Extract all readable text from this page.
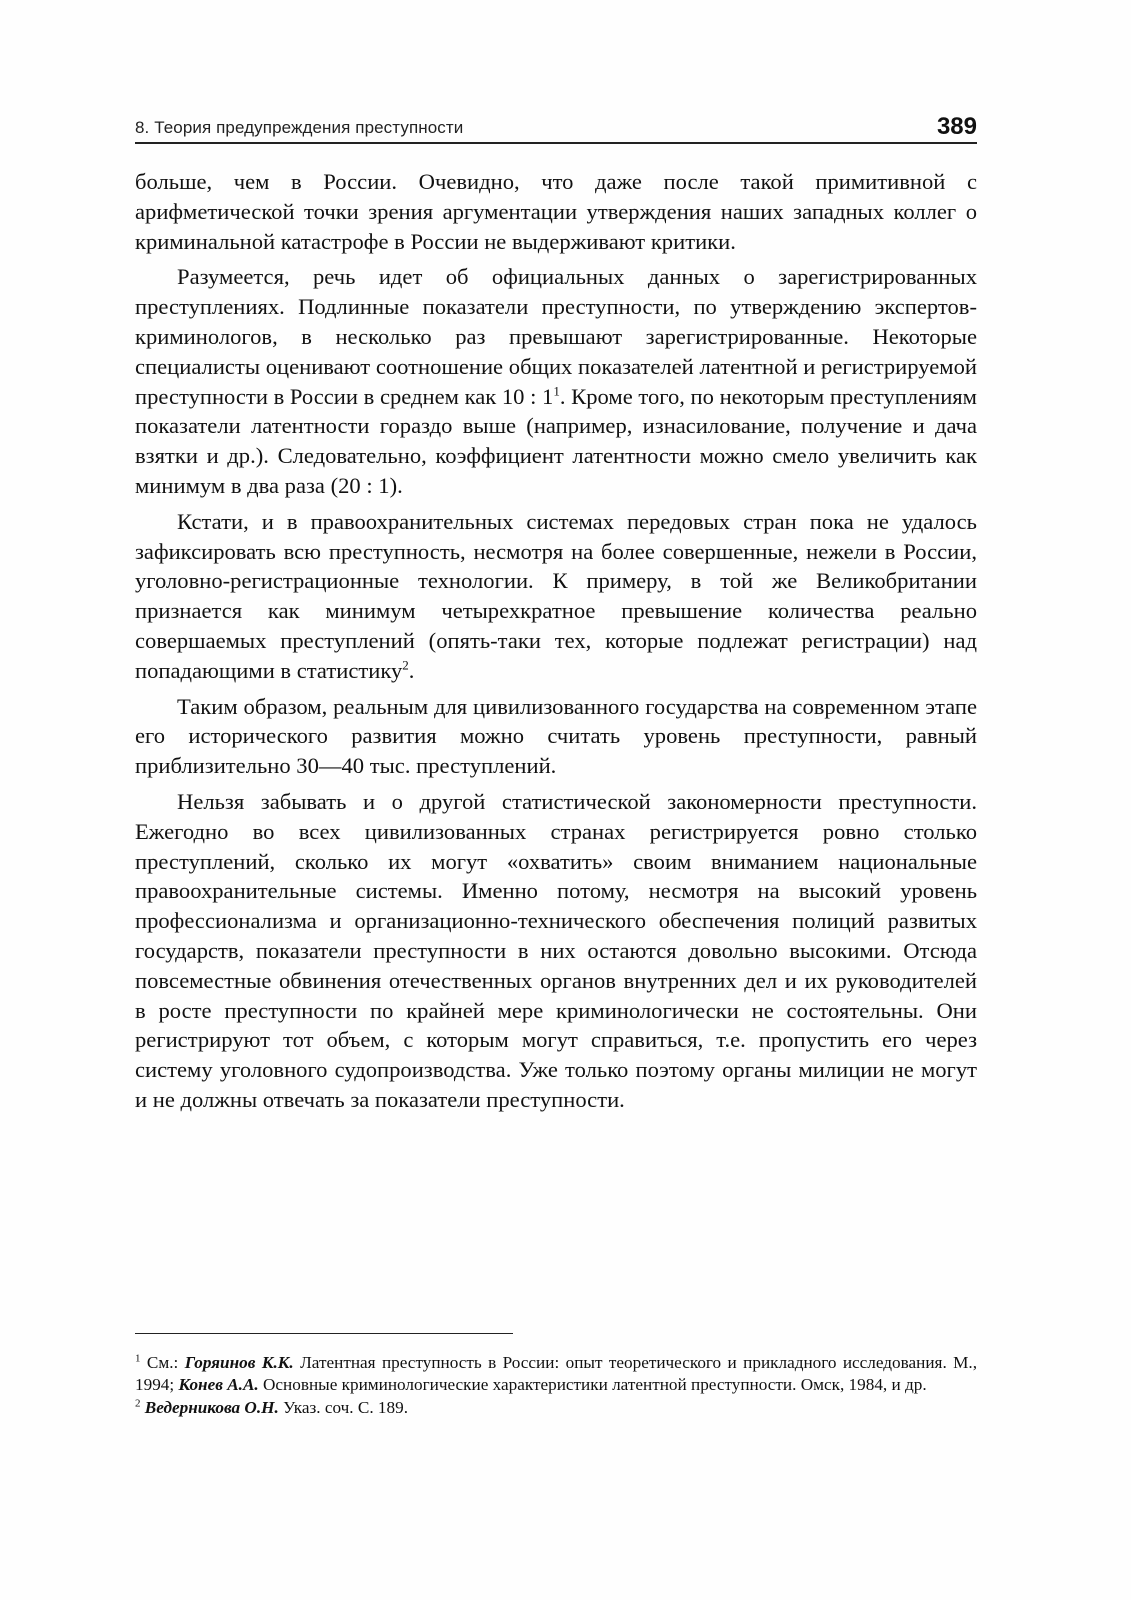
8. Теория предупреждения преступности	389

больше, чем в России. Очевидно, что даже после такой примитивной с арифметической точки зрения аргументации утверждения наших западных коллег о криминальной катастрофе в России не выдерживают критики.

Разумеется, речь идет об официальных данных о зарегистрированных преступлениях. Подлинные показатели преступности, по утверждению экспертов-криминологов, в несколько раз превышают зарегистрированные. Некоторые специалисты оценивают соотношение общих показателей латентной и регистрируемой преступности в России в среднем как 10 : $1^1$. Кроме того, по некоторым преступлениям показатели латентности гораздо выше (например, изнасилование, получение и дача взятки и др.). Следовательно, коэффициент латентности можно смело увеличить как минимум в два раза (20 : 1).

Кстати, и в правоохранительных системах передовых стран пока не удалось зафиксировать всю преступность, несмотря на более совершенные, нежели в России, уголовно-регистрационные технологии. К примеру, в той же Великобритании признается как минимум четырехкратное превышение количества реально совершаемых преступлений (опять-таки тех, которые подлежат регистрации) над попадающими в статистику$^2$.

Таким образом, реальным для цивилизованного государства на современном этапе его исторического развития можно считать уровень преступности, равный приблизительно 30—40 тыс. преступлений.

Нельзя забывать и о другой статистической закономерности преступности. Ежегодно во всех цивилизованных странах регистрируется ровно столько преступлений, сколько их могут «охватить» своим вниманием национальные правоохранительные системы. Именно потому, несмотря на высокий уровень профессионализма и организационно-технического обеспечения полиций развитых государств, показатели преступности в них остаются довольно высокими. Отсюда повсеместные обвинения отечественных органов внутренних дел и их руководителей в росте преступности по крайней мере криминологически не состоятельны. Они регистрируют тот объем, с которым могут справиться, т.е. пропустить его через систему уголовного судопроизводства. Уже только поэтому органы милиции не могут и не должны отвечать за показатели преступности.

$^1$ См.: Горяинов К.К. Латентная преступность в России: опыт теоретического и прикладного исследования. М., 1994; Конев А.А. Основные криминологические характеристики латентной преступности. Омск, 1984, и др.

$^2$ Ведерникова О.Н. Указ. соч. С. 189.
